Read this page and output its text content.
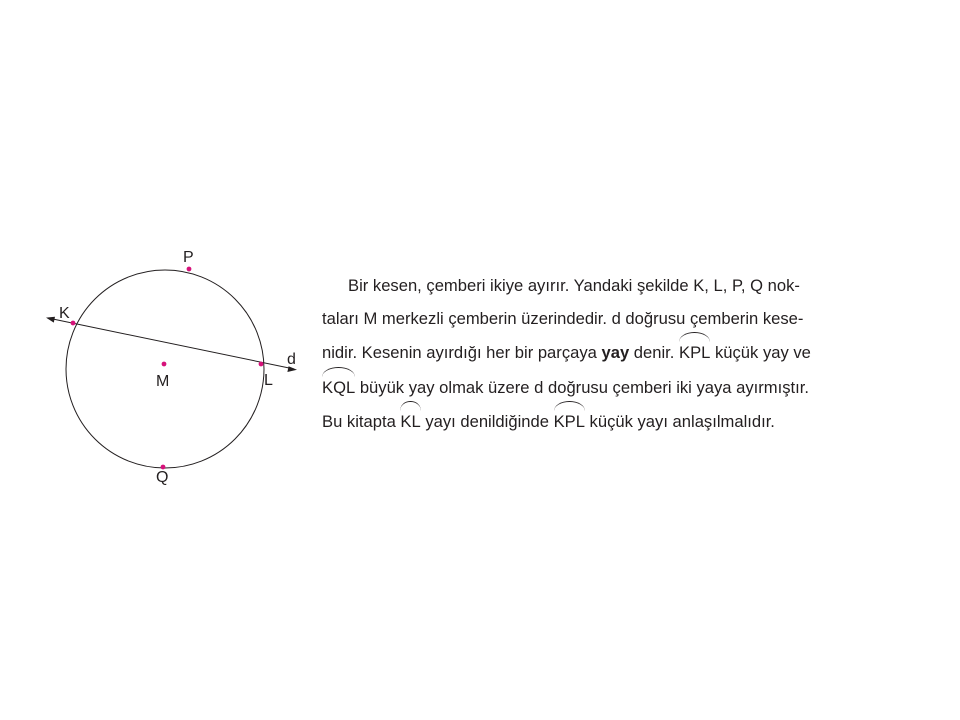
P
K
M	L
d
Q
Bir kesen, çemberi ikiye ayırır. Yandaki şekilde K, L, P, Q nok-
taları M merkezli çemberin üzerindedir. d doğrusu çemberin kese-
nidir. Kesenin ayırdığı her bir parçaya yay denir. KPL küçük yay ve
KQL büyük yay olmak üzere d doğrusu çemberi iki yaya ayırmıştır.
Bu kitapta KL yayı denildiğinde KPL küçük yayı anlaşılmalıdır.
